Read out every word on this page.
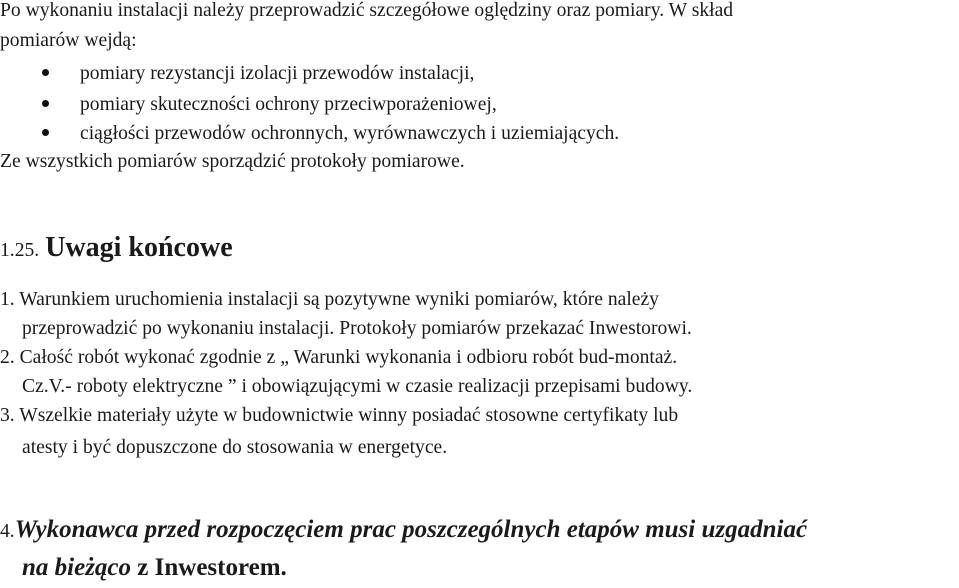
Po wykonaniu instalacji należy przeprowadzić szczegółowe oględziny oraz pomiary. W skład
pomiarów wejdą:
pomiary rezystancji izolacji przewodów instalacji,
pomiary skuteczności ochrony przeciwporażeniowej,
ciągłości przewodów ochronnych, wyrównawczych i uziemiających.
Ze wszystkich pomiarów sporządzić protokoły pomiarowe.
1.25. Uwagi końcowe
1. Warunkiem uruchomienia instalacji są pozytywne wyniki pomiarów, które należy
przeprowadzić po wykonaniu instalacji. Protokoły pomiarów przekazać Inwestorowi.
2. Całość robót wykonać zgodnie z „ Warunki wykonania i odbioru robót bud-montaż.
Cz.V.- roboty elektryczne ” i obowiązującymi w czasie realizacji przepisami budowy.
3. Wszelkie materiały użyte w budownictwie winny posiadać stosowne certyfikaty lub
atesty i być dopuszczone do stosowania w energetyce.
4.Wykonawca przed rozpoczęciem prac poszczególnych etapów musi uzgadniać
na bieżąco z Inwestorem.
